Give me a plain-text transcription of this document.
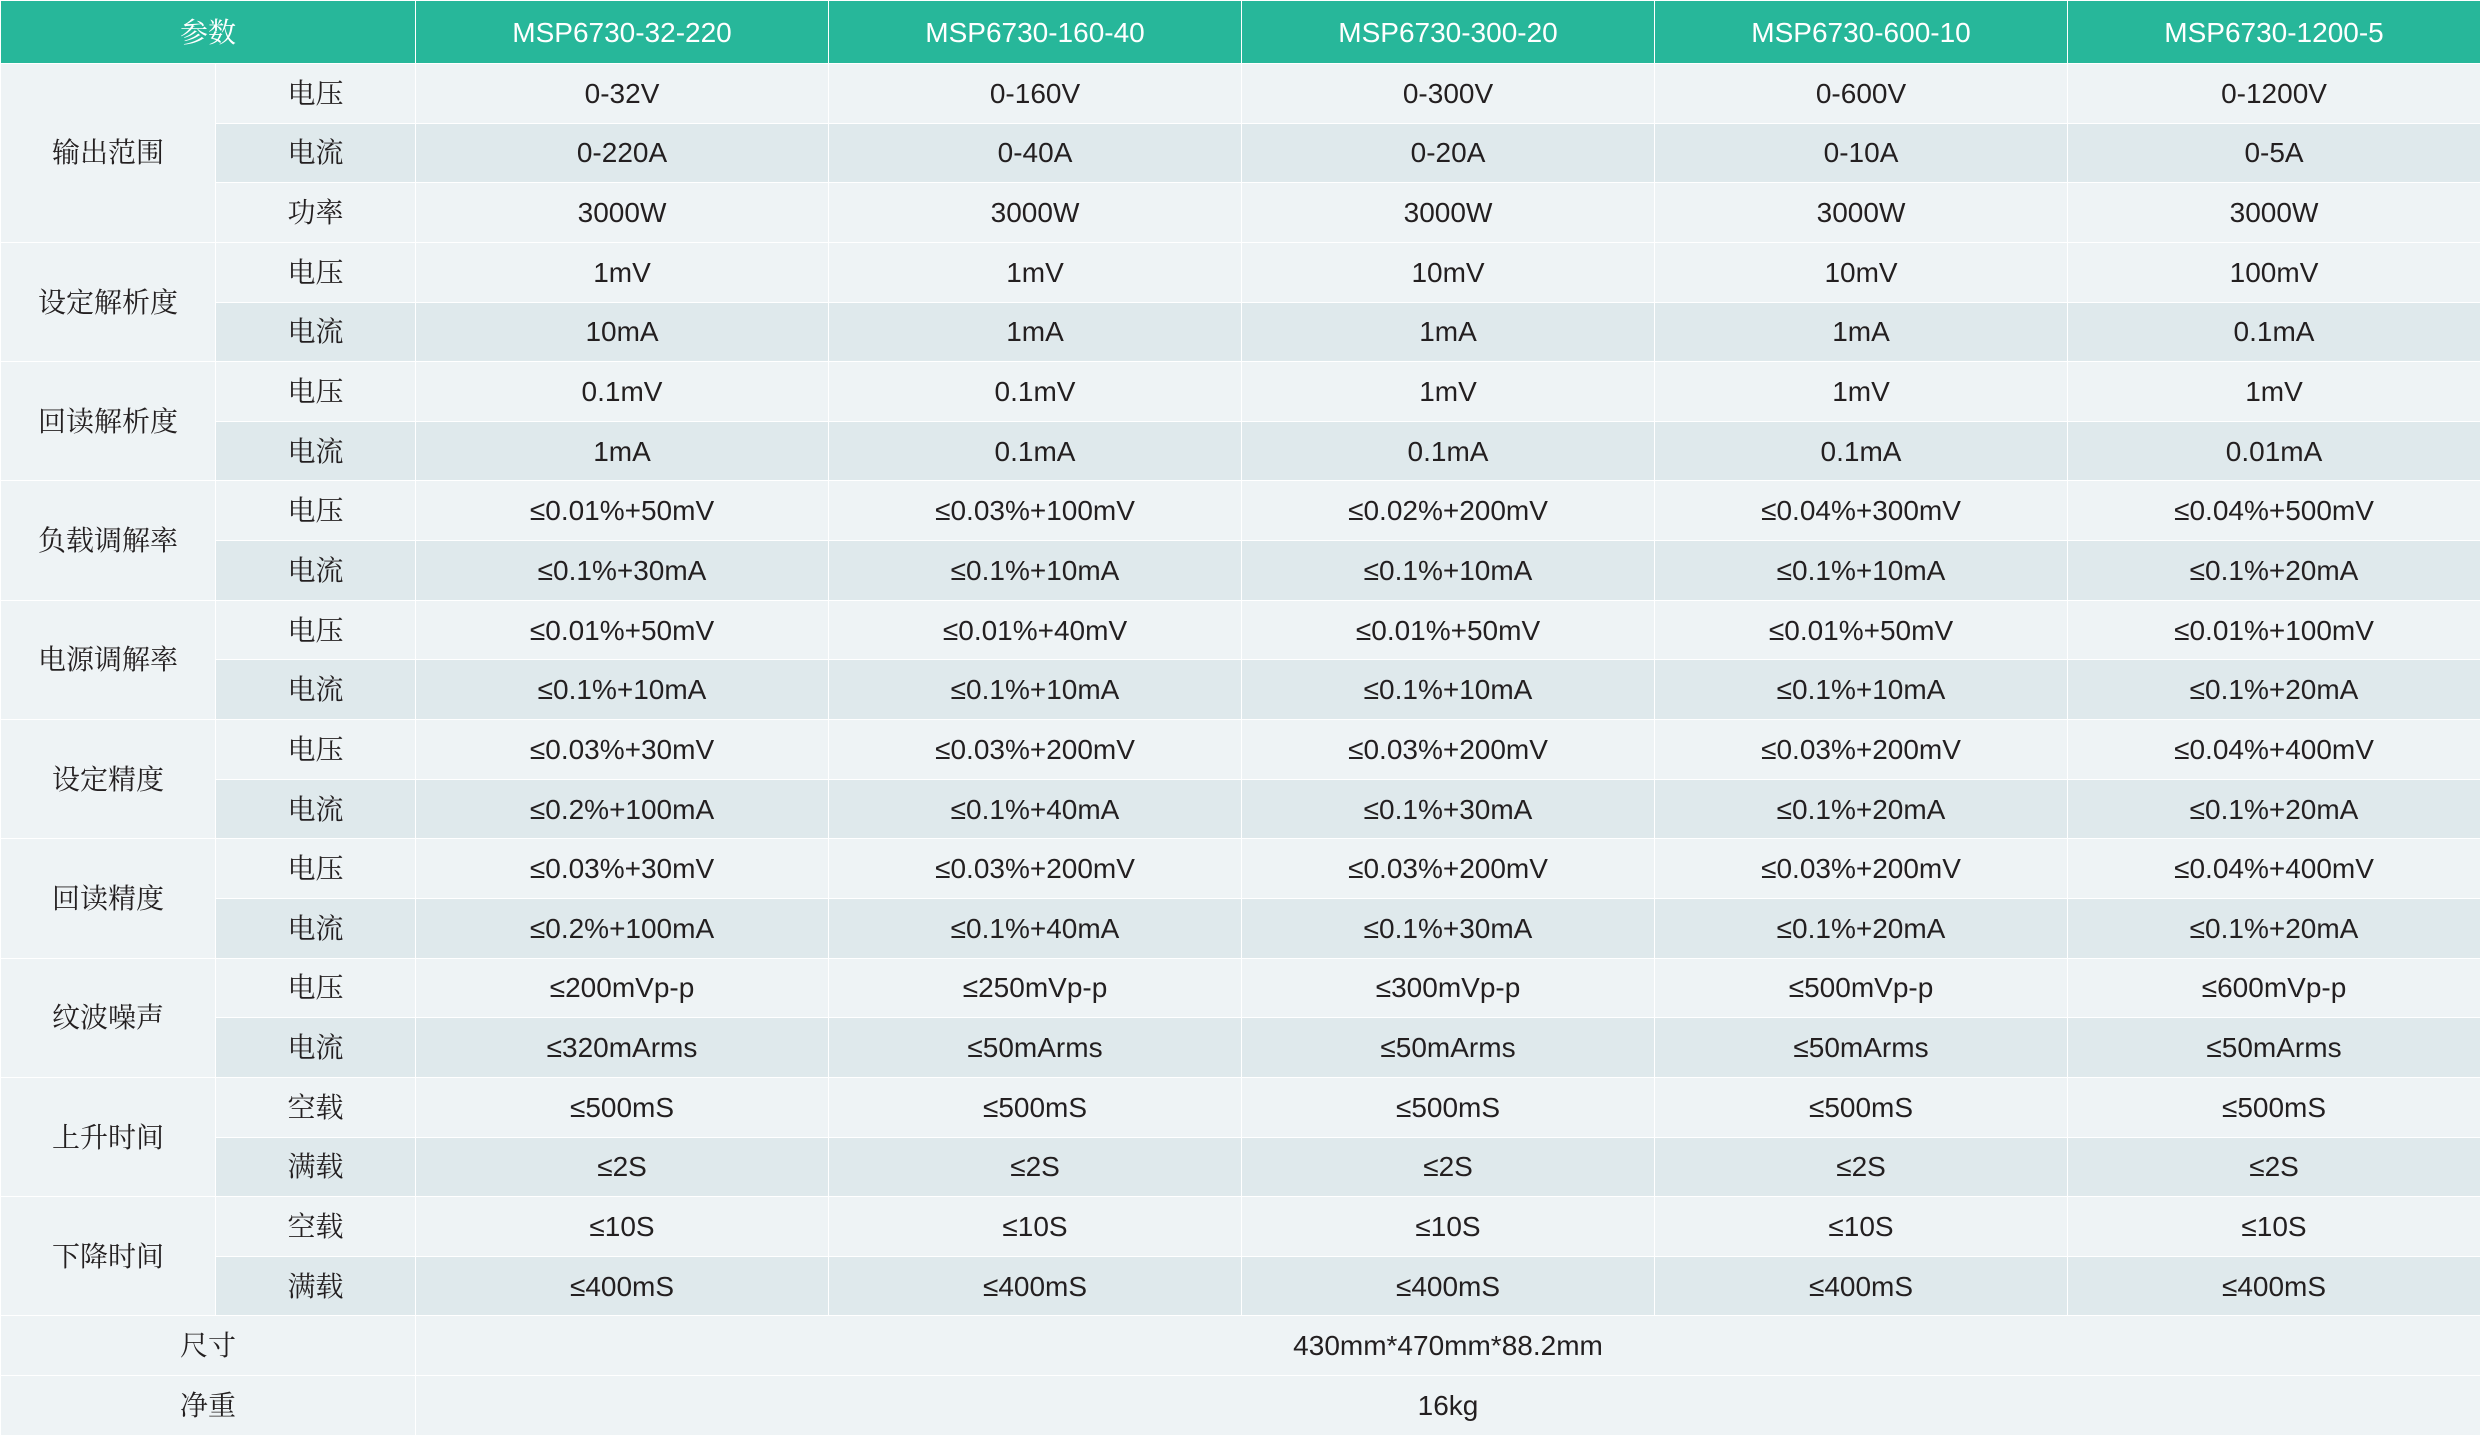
参数		MSP6730-32-220	MSP6730-160-40	MSP6730-300-20	MSP6730-600-10	MSP6730-1200-5
输出范围	电压	0-32V	0-160V	0-300V	0-600V	0-1200V
	电流	0-220A	0-40A	0-20A	0-10A	0-5A
	功率	3000W	3000W	3000W	3000W	3000W
设定解析度	电压	1mV	1mV	10mV	10mV	100mV
	电流	10mA	1mA	1mA	1mA	0.1mA
回读解析度	电压	0.1mV	0.1mV	1mV	1mV	1mV
	电流	1mA	0.1mA	0.1mA	0.1mA	0.01mA
负载调解率	电压	≤0.01%+50mV	≤0.03%+100mV	≤0.02%+200mV	≤0.04%+300mV	≤0.04%+500mV
	电流	≤0.1%+30mA	≤0.1%+10mA	≤0.1%+10mA	≤0.1%+10mA	≤0.1%+20mA
电源调解率	电压	≤0.01%+50mV	≤0.01%+40mV	≤0.01%+50mV	≤0.01%+50mV	≤0.01%+100mV
	电流	≤0.1%+10mA	≤0.1%+10mA	≤0.1%+10mA	≤0.1%+10mA	≤0.1%+20mA
设定精度	电压	≤0.03%+30mV	≤0.03%+200mV	≤0.03%+200mV	≤0.03%+200mV	≤0.04%+400mV
	电流	≤0.2%+100mA	≤0.1%+40mA	≤0.1%+30mA	≤0.1%+20mA	≤0.1%+20mA
回读精度	电压	≤0.03%+30mV	≤0.03%+200mV	≤0.03%+200mV	≤0.03%+200mV	≤0.04%+400mV
	电流	≤0.2%+100mA	≤0.1%+40mA	≤0.1%+30mA	≤0.1%+20mA	≤0.1%+20mA
纹波噪声	电压	≤200mVp-p	≤250mVp-p	≤300mVp-p	≤500mVp-p	≤600mVp-p
	电流	≤320mArms	≤50mArms	≤50mArms	≤50mArms	≤50mArms
上升时间	空载	≤500mS	≤500mS	≤500mS	≤500mS	≤500mS
	满载	≤2S	≤2S	≤2S	≤2S	≤2S
下降时间	空载	≤10S	≤10S	≤10S	≤10S	≤10S
	满载	≤400mS	≤400mS	≤400mS	≤400mS	≤400mS
尺寸		430mm*470mm*88.2mm				
净重		16kg				
